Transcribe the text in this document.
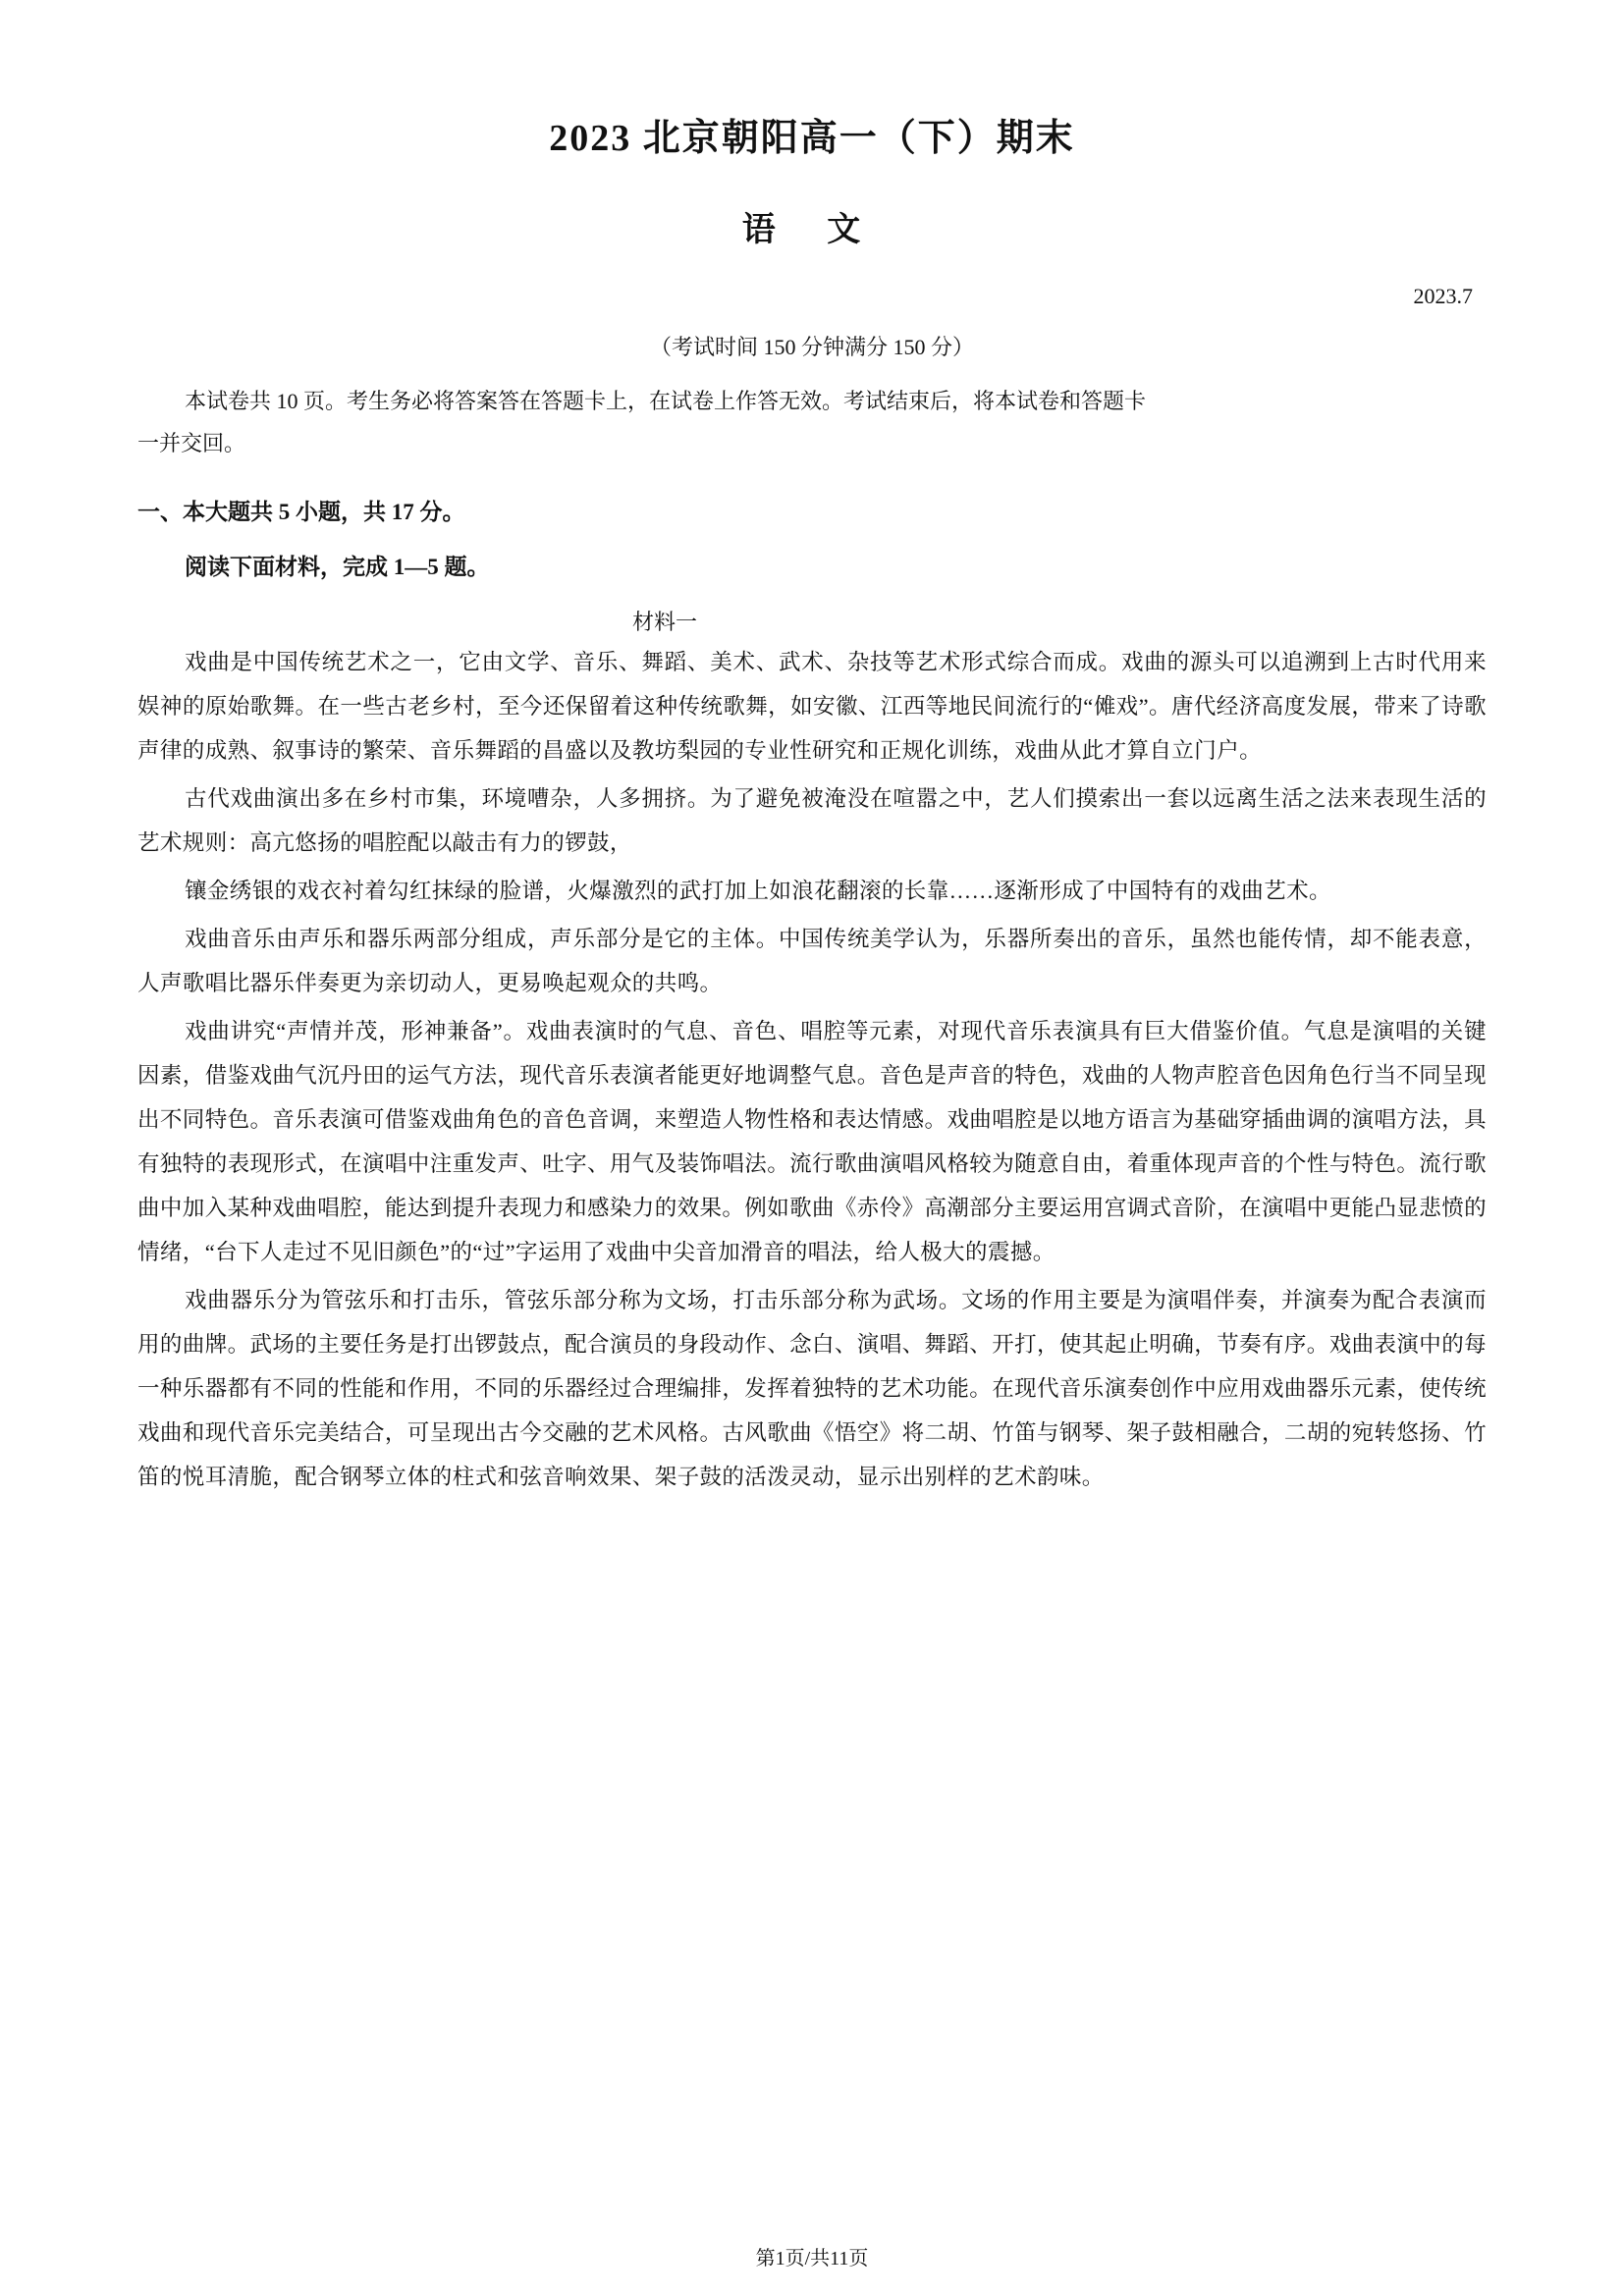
2023 北京朝阳高一（下）期末
语 文
2023.7
（考试时间 150 分钟满分 150 分）
本试卷共 10 页。考生务必将答案答在答题卡上，在试卷上作答无效。考试结束后，将本试卷和答题卡
一并交回。
一、本大题共 5 小题，共 17 分。
阅读下面材料，完成 1—5 题。
材料一

戏曲是中国传统艺术之一，它由文学、音乐、舞蹈、美术、武术、杂技等艺术形式综合而成。戏曲的源头可以追溯到上古时代用来娱神的原始歌舞。在一些古老乡村，至今还保留着这种传统歌舞，如安徽、江西等地民间流行的“傩戏”。唐代经济高度发展，带来了诗歌声律的成熟、叙事诗的繁荣、音乐舞蹈的昌盛以及教坊梨园的专业性研究和正规化训练，戏曲从此才算自立门户。

古代戏曲演出多在乡村市集，环境嘈杂，人多拥挤。为了避免被淹没在喧嚣之中，艺人们摸索出一套以远离生活之法来表现生活的艺术规则：高亢悠扬的唱腔配以敲击有力的锣鼓，

镶金绣银的戏衣衬着勾红抹绿的脸谱，火爆激烈的武打加上如浪花翻滚的长靠……逐渐形成了中国特有的戏曲艺术。

戏曲音乐由声乐和器乐两部分组成，声乐部分是它的主体。中国传统美学认为，乐器所奏出的音乐，虽然也能传情，却不能表意，人声歌唱比器乐伴奏更为亲切动人，更易唤起观众的共鸣。

戏曲讲究“声情并茂，形神兼备”。戏曲表演时的气息、音色、唱腔等元素，对现代音乐表演具有巨大借鉴价值。气息是演唱的关键因素，借鉴戏曲气沉丹田的运气方法，现代音乐表演者能更好地调整气息。音色是声音的特色，戏曲的人物声腔音色因角色行当不同呈现出不同特色。音乐表演可借鉴戏曲角色的音色音调，来塑造人物性格和表达情感。戏曲唱腔是以地方语言为基础穿插曲调的演唱方法，具有独特的表现形式，在演唱中注重发声、吐字、用气及装饰唱法。流行歌曲演唱风格较为随意自由，着重体现声音的个性与特色。流行歌曲中加入某种戏曲唱腔，能达到提升表现力和感染力的效果。例如歌曲《赤伶》高潮部分主要运用宫调式音阶，在演唱中更能凸显悲愤的情绪，“台下人走过不见旧颜色”的“过”字运用了戏曲中尖音加滑音的唱法，给人极大的震撼。

戏曲器乐分为管弦乐和打击乐，管弦乐部分称为文场，打击乐部分称为武场。文场的作用主要是为演唱伴奏，并演奏为配合表演而用的曲牌。武场的主要任务是打出锣鼓点，配合演员的身段动作、念白、演唱、舞蹈、开打，使其起止明确，节奏有序。戏曲表演中的每一种乐器都有不同的性能和作用，不同的乐器经过合理编排，发挥着独特的艺术功能。在现代音乐演奏创作中应用戏曲器乐元素，使传统戏曲和现代音乐完美结合，可呈现出古今交融的艺术风格。古风歌曲《悟空》将二胡、竹笛与钢琴、架子鼓相融合，二胡的宛转悠扬、竹笛的悦耳清脆，配合钢琴立体的柱式和弦音响效果、架子鼓的活泼灵动，显示出别样的艺术韵味。

第1页/共11页
